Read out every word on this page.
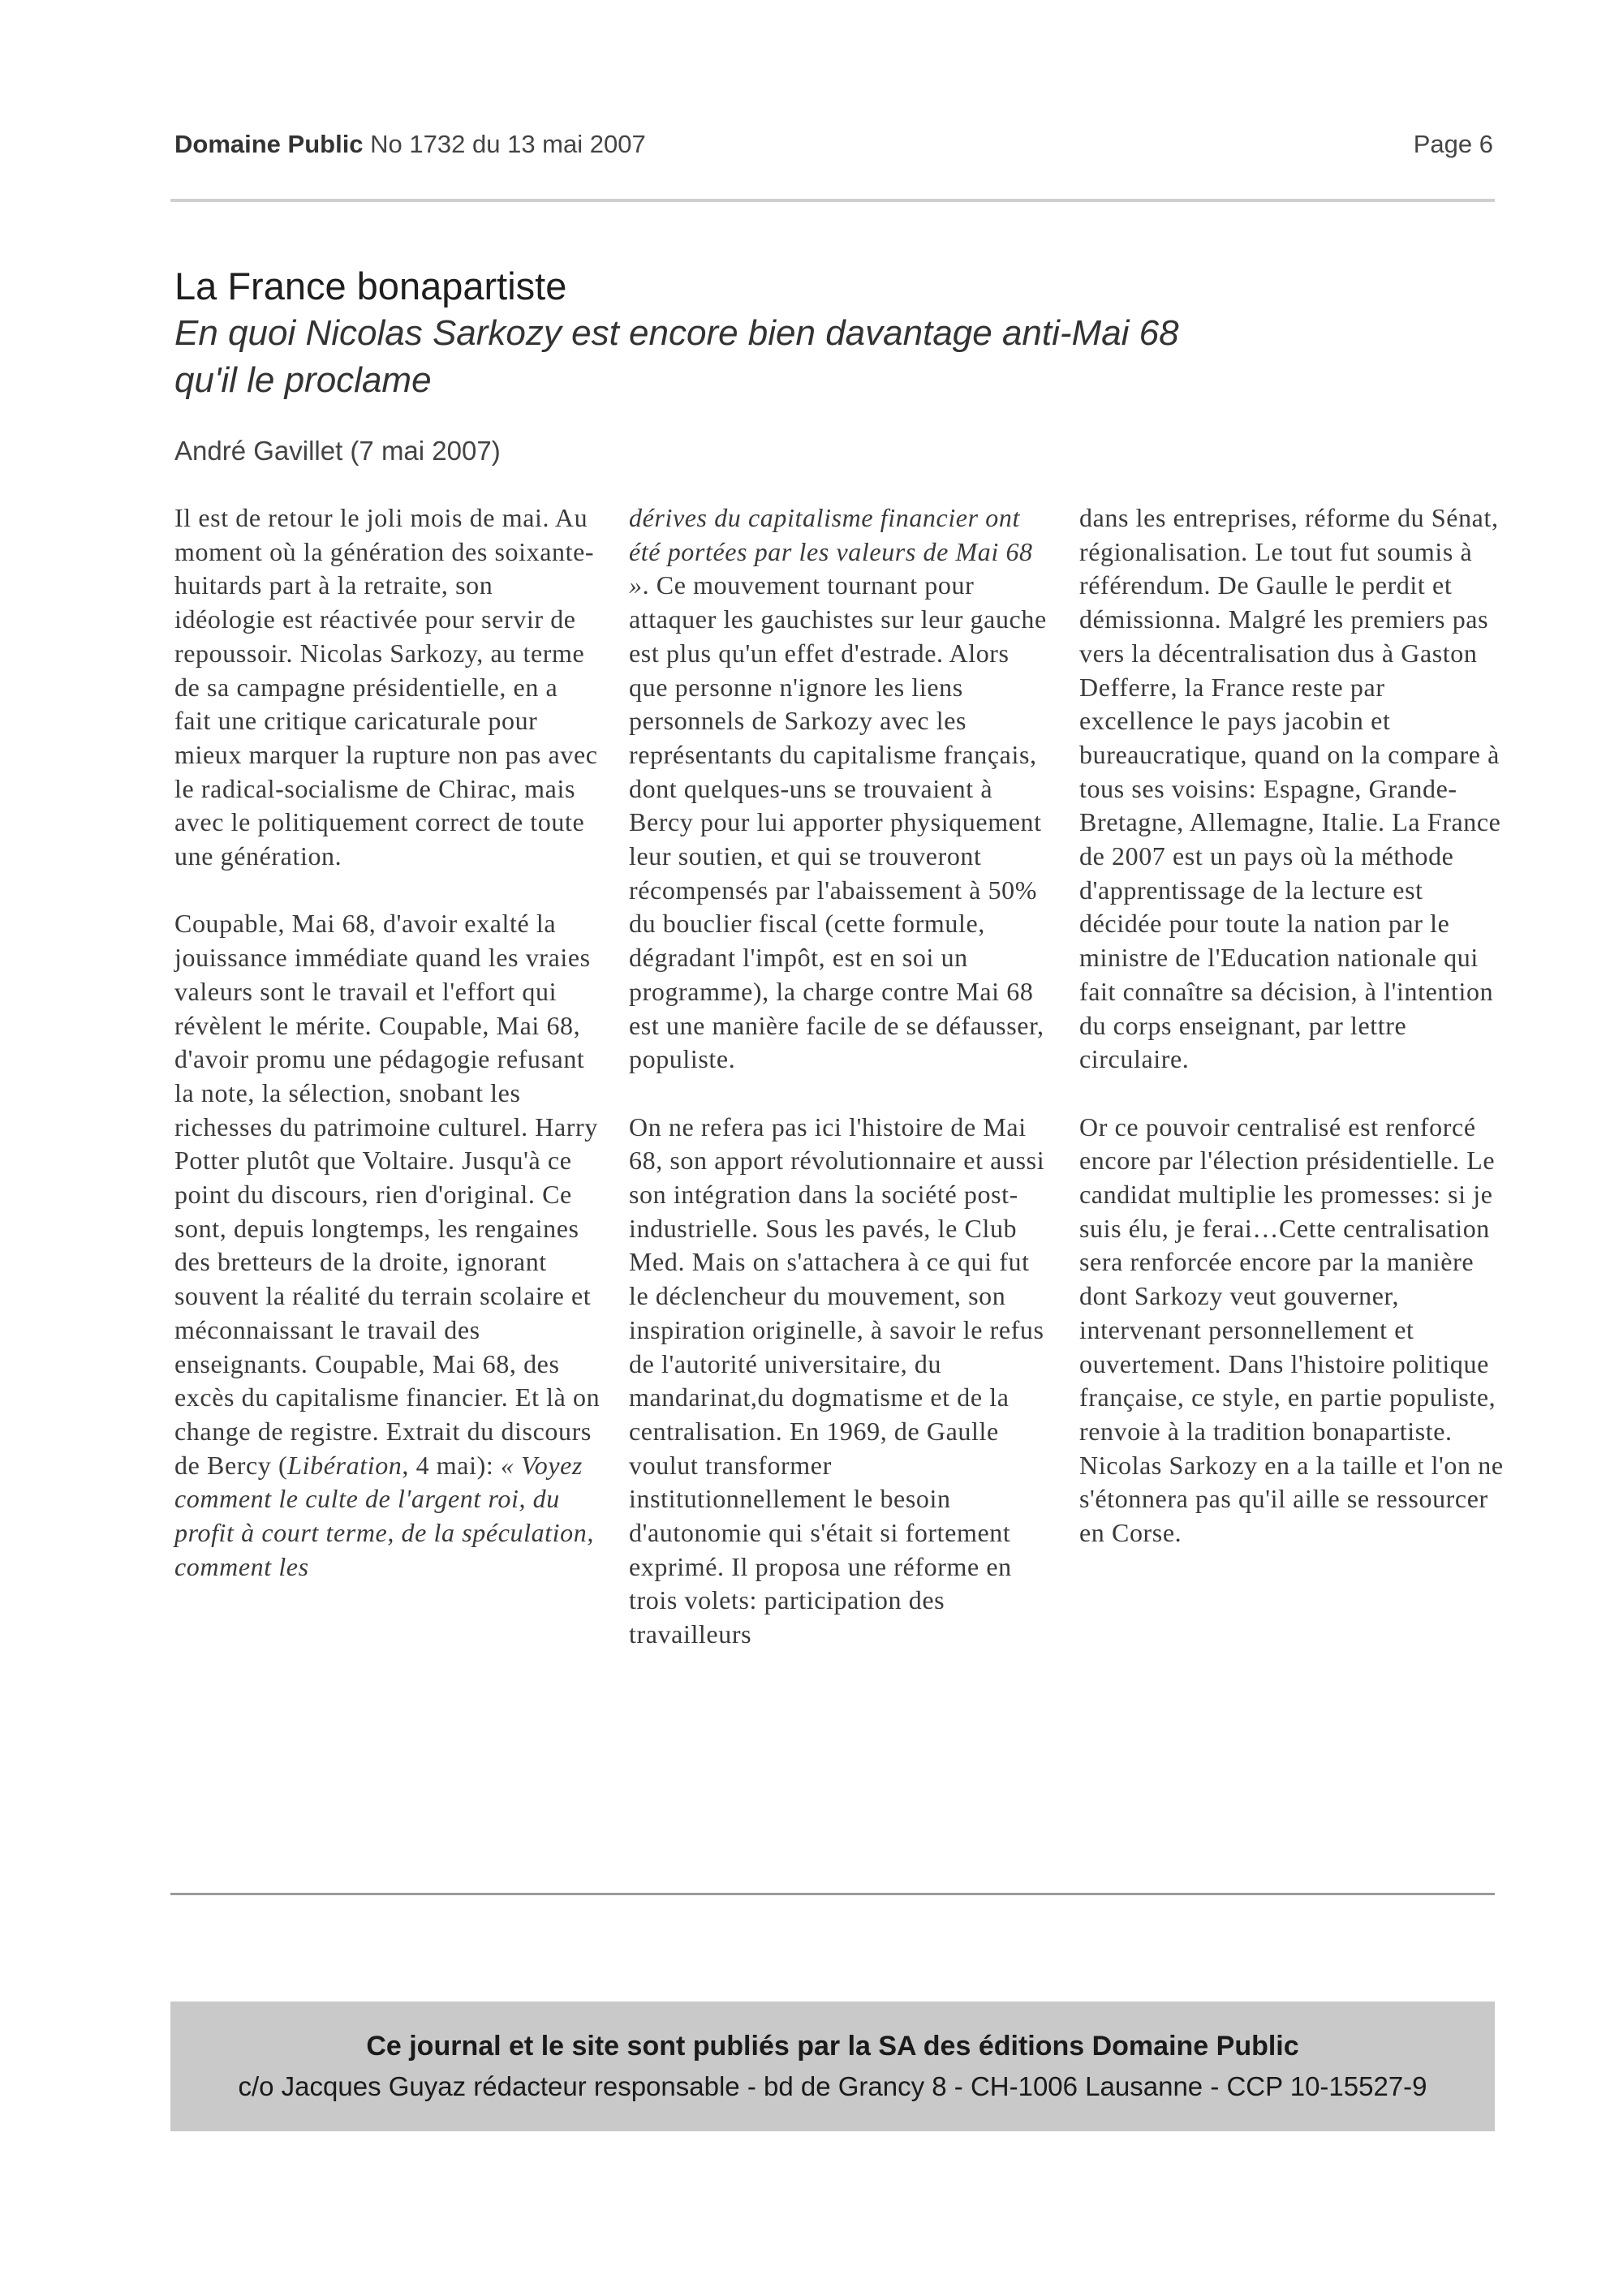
Domaine Public No 1732 du 13 mai 2007	Page 6
La France bonapartiste
En quoi Nicolas Sarkozy est encore bien davantage anti-Mai 68
qu'il le proclame
André Gavillet (7 mai 2007)

Il est de retour le joli mois de mai. Au moment où la génération des soixante-huitards part à la retraite, son idéologie est réactivée pour servir de repoussoir. Nicolas Sarkozy, au terme de sa campagne présidentielle, en a fait une critique caricaturale pour mieux marquer la rupture non pas avec le radical-socialisme de Chirac, mais avec le politiquement correct de toute une génération.

Coupable, Mai 68, d'avoir exalté la jouissance immédiate quand les vraies valeurs sont le travail et l'effort qui révèlent le mérite. Coupable, Mai 68, d'avoir promu une pédagogie refusant la note, la sélection, snobant les richesses du patrimoine culturel. Harry Potter plutôt que Voltaire. Jusqu'à ce point du discours, rien d'original. Ce sont, depuis longtemps, les rengaines des bretteurs de la droite, ignorant souvent la réalité du terrain scolaire et méconnaissant le travail des enseignants. Coupable, Mai 68, des excès du capitalisme financier. Et là on change de registre. Extrait du discours de Bercy (Libération, 4 mai): « Voyez comment le culte de l'argent roi, du profit à court terme, de la spéculation, comment les

dérives du capitalisme financier ont été portées par les valeurs de Mai 68 ». Ce mouvement tournant pour attaquer les gauchistes sur leur gauche est plus qu'un effet d'estrade. Alors que personne n'ignore les liens personnels de Sarkozy avec les représentants du capitalisme français, dont quelques-uns se trouvaient à Bercy pour lui apporter physiquement leur soutien, et qui se trouveront récompensés par l'abaissement à 50% du bouclier fiscal (cette formule, dégradant l'impôt, est en soi un programme), la charge contre Mai 68 est une manière facile de se défausser, populiste.

On ne refera pas ici l'histoire de Mai 68, son apport révolutionnaire et aussi son intégration dans la société post-industrielle. Sous les pavés, le Club Med. Mais on s'attachera à ce qui fut le déclencheur du mouvement, son inspiration originelle, à savoir le refus de l'autorité universitaire, du mandarinat,du dogmatisme et de la centralisation. En 1969, de Gaulle voulut transformer institutionnellement le besoin d'autonomie qui s'était si fortement exprimé. Il proposa une réforme en trois volets: participation des travailleurs

dans les entreprises, réforme du Sénat, régionalisation. Le tout fut soumis à référendum. De Gaulle le perdit et démissionna. Malgré les premiers pas vers la décentralisation dus à Gaston Defferre, la France reste par excellence le pays jacobin et bureaucratique, quand on la compare à tous ses voisins: Espagne, Grande-Bretagne, Allemagne, Italie. La France de 2007 est un pays où la méthode d'apprentissage de la lecture est décidée pour toute la nation par le ministre de l'Education nationale qui fait connaître sa décision, à l'intention du corps enseignant, par lettre circulaire.

Or ce pouvoir centralisé est renforcé encore par l'élection présidentielle. Le candidat multiplie les promesses: si je suis élu, je ferai…Cette centralisation sera renforcée encore par la manière dont Sarkozy veut gouverner, intervenant personnellement et ouvertement. Dans l'histoire politique française, ce style, en partie populiste, renvoie à la tradition bonapartiste. Nicolas Sarkozy en a la taille et l'on ne s'étonnera pas qu'il aille se ressourcer en Corse.

Ce journal et le site sont publiés par la SA des éditions Domaine Public
c/o Jacques Guyaz rédacteur responsable - bd de Grancy 8 - CH-1006 Lausanne - CCP 10-15527-9
